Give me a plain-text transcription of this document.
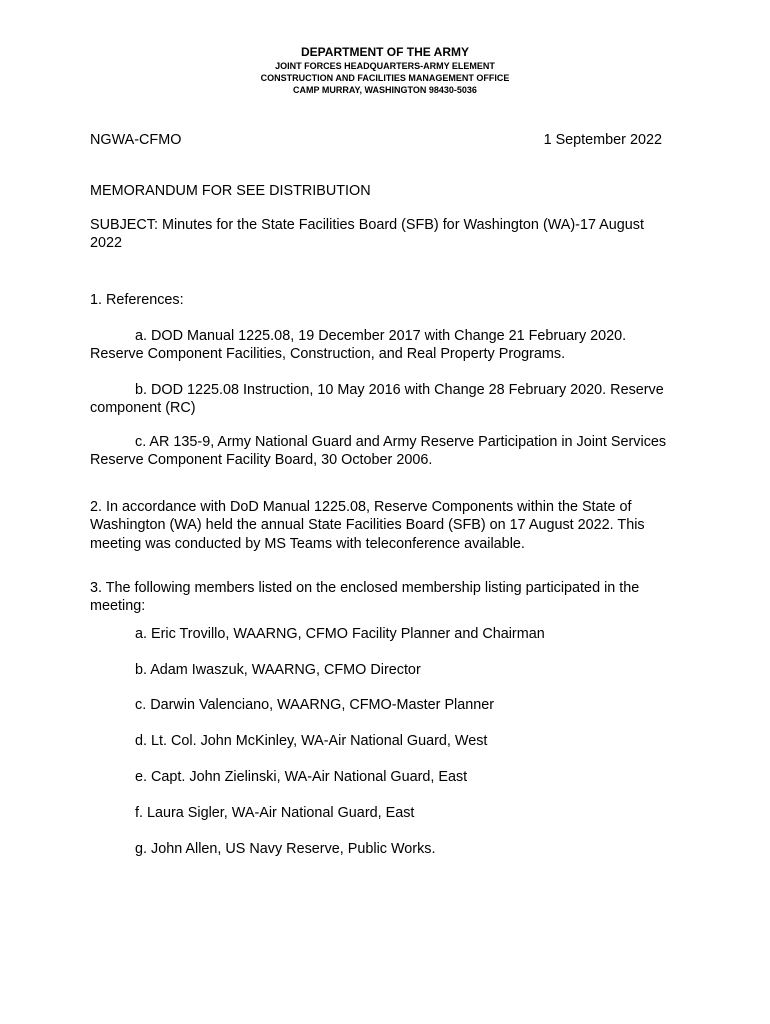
DEPARTMENT OF THE ARMY
JOINT FORCES HEADQUARTERS-ARMY ELEMENT
CONSTRUCTION AND FACILITIES MANAGEMENT OFFICE
CAMP MURRAY, WASHINGTON 98430-5036
NGWA-CFMO	1 September 2022
MEMORANDUM FOR SEE DISTRIBUTION
SUBJECT: Minutes for the State Facilities Board (SFB) for Washington (WA)-17 August 2022
1. References:
a. DOD Manual 1225.08, 19 December 2017 with Change 21 February 2020. Reserve Component Facilities, Construction, and Real Property Programs.
b. DOD 1225.08 Instruction, 10 May 2016 with Change 28 February 2020. Reserve component (RC)
c. AR 135-9, Army National Guard and Army Reserve Participation in Joint Services Reserve Component Facility Board, 30 October 2006.
2. In accordance with DoD Manual 1225.08, Reserve Components within the State of Washington (WA) held the annual State Facilities Board (SFB) on 17 August 2022. This meeting was conducted by MS Teams with teleconference available.
3. The following members listed on the enclosed membership listing participated in the meeting:
a. Eric Trovillo, WAARNG, CFMO Facility Planner and Chairman
b. Adam Iwaszuk, WAARNG, CFMO Director
c. Darwin Valenciano, WAARNG, CFMO-Master Planner
d. Lt. Col. John McKinley, WA-Air National Guard, West
e. Capt. John Zielinski, WA-Air National Guard, East
f. Laura Sigler, WA-Air National Guard, East
g. John Allen, US Navy Reserve, Public Works.
